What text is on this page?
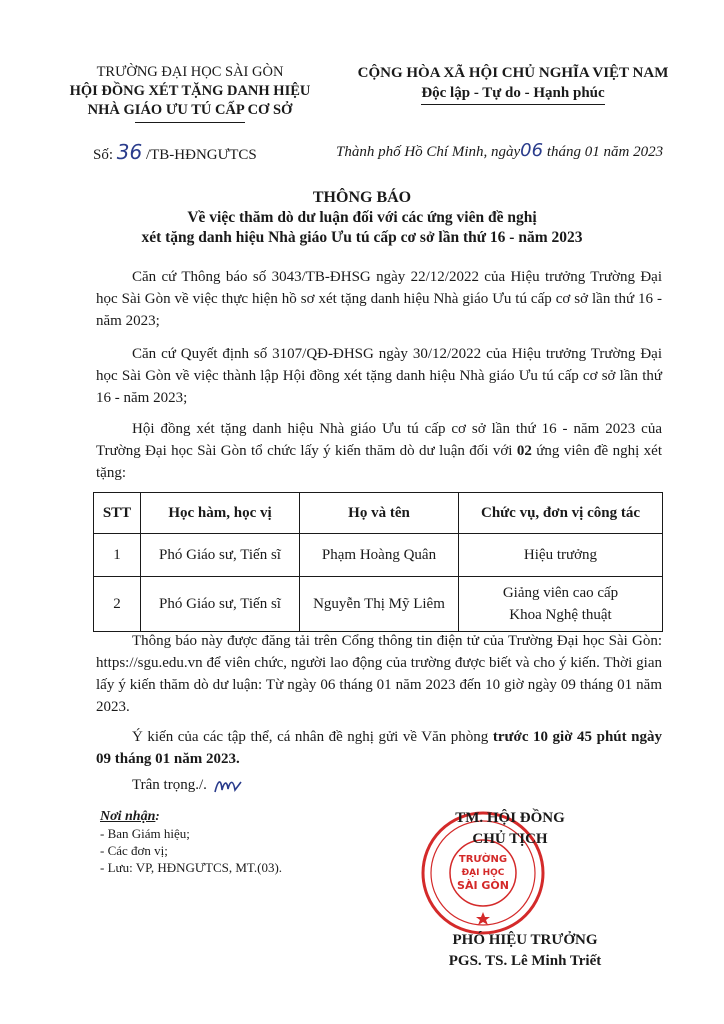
TRƯỜNG ĐẠI HỌC SÀI GÒN
HỘI ĐỒNG XÉT TẶNG DANH HIỆU
NHÀ GIÁO ƯU TÚ CẤP CƠ SỞ
CỘNG HÒA XÃ HỘI CHỦ NGHĨA VIỆT NAM
Độc lập - Tự do - Hạnh phúc
Số: 36 /TB-HĐNGƯTCS	Thành phố Hồ Chí Minh, ngày06 tháng 01 năm 2023
THÔNG BÁO
Về việc thăm dò dư luận đối với các ứng viên đề nghị
xét tặng danh hiệu Nhà giáo Ưu tú cấp cơ sở lần thứ 16 - năm 2023
Căn cứ Thông báo số 3043/TB-ĐHSG ngày 22/12/2022 của Hiệu trưởng Trường Đại học Sài Gòn về việc thực hiện hồ sơ xét tặng danh hiệu Nhà giáo Ưu tú cấp cơ sở lần thứ 16 - năm 2023;
Căn cứ Quyết định số 3107/QĐ-ĐHSG ngày 30/12/2022 của Hiệu trưởng Trường Đại học Sài Gòn về việc thành lập Hội đồng xét tặng danh hiệu Nhà giáo Ưu tú cấp cơ sở lần thứ 16 - năm 2023;
Hội đồng xét tặng danh hiệu Nhà giáo Ưu tú cấp cơ sở lần thứ 16 - năm 2023 của Trường Đại học Sài Gòn tổ chức lấy ý kiến thăm dò dư luận đối với 02 ứng viên đề nghị xét tặng:
STT	Học hàm, học vị	Họ và tên	Chức vụ, đơn vị công tác
1	Phó Giáo sư, Tiến sĩ	Phạm Hoàng Quân	Hiệu trưởng
2	Phó Giáo sư, Tiến sĩ	Nguyễn Thị Mỹ Liêm	Giảng viên cao cấp
Khoa Nghệ thuật
Thông báo này được đăng tải trên Cổng thông tin điện tử của Trường Đại học Sài Gòn: https://sgu.edu.vn để viên chức, người lao động của trường được biết và cho ý kiến. Thời gian lấy ý kiến thăm dò dư luận: Từ ngày 06 tháng 01 năm 2023 đến 10 giờ ngày 09 tháng 01 năm 2023.
Ý kiến của các tập thể, cá nhân đề nghị gửi về Văn phòng trước 10 giờ 45 phút ngày 09 tháng 01 năm 2023.
Trân trọng./.
Nơi nhận:
- Ban Giám hiệu;
- Các đơn vị;
- Lưu: VP, HĐNGƯTCS, MT.(03).
TRƯỜNG
ĐẠI HỌC
SÀI GÒN
TM. HỘI ĐỒNG
CHỦ TỊCH
PHÓ HIỆU TRƯỞNG
PGS. TS. Lê Minh Triết
